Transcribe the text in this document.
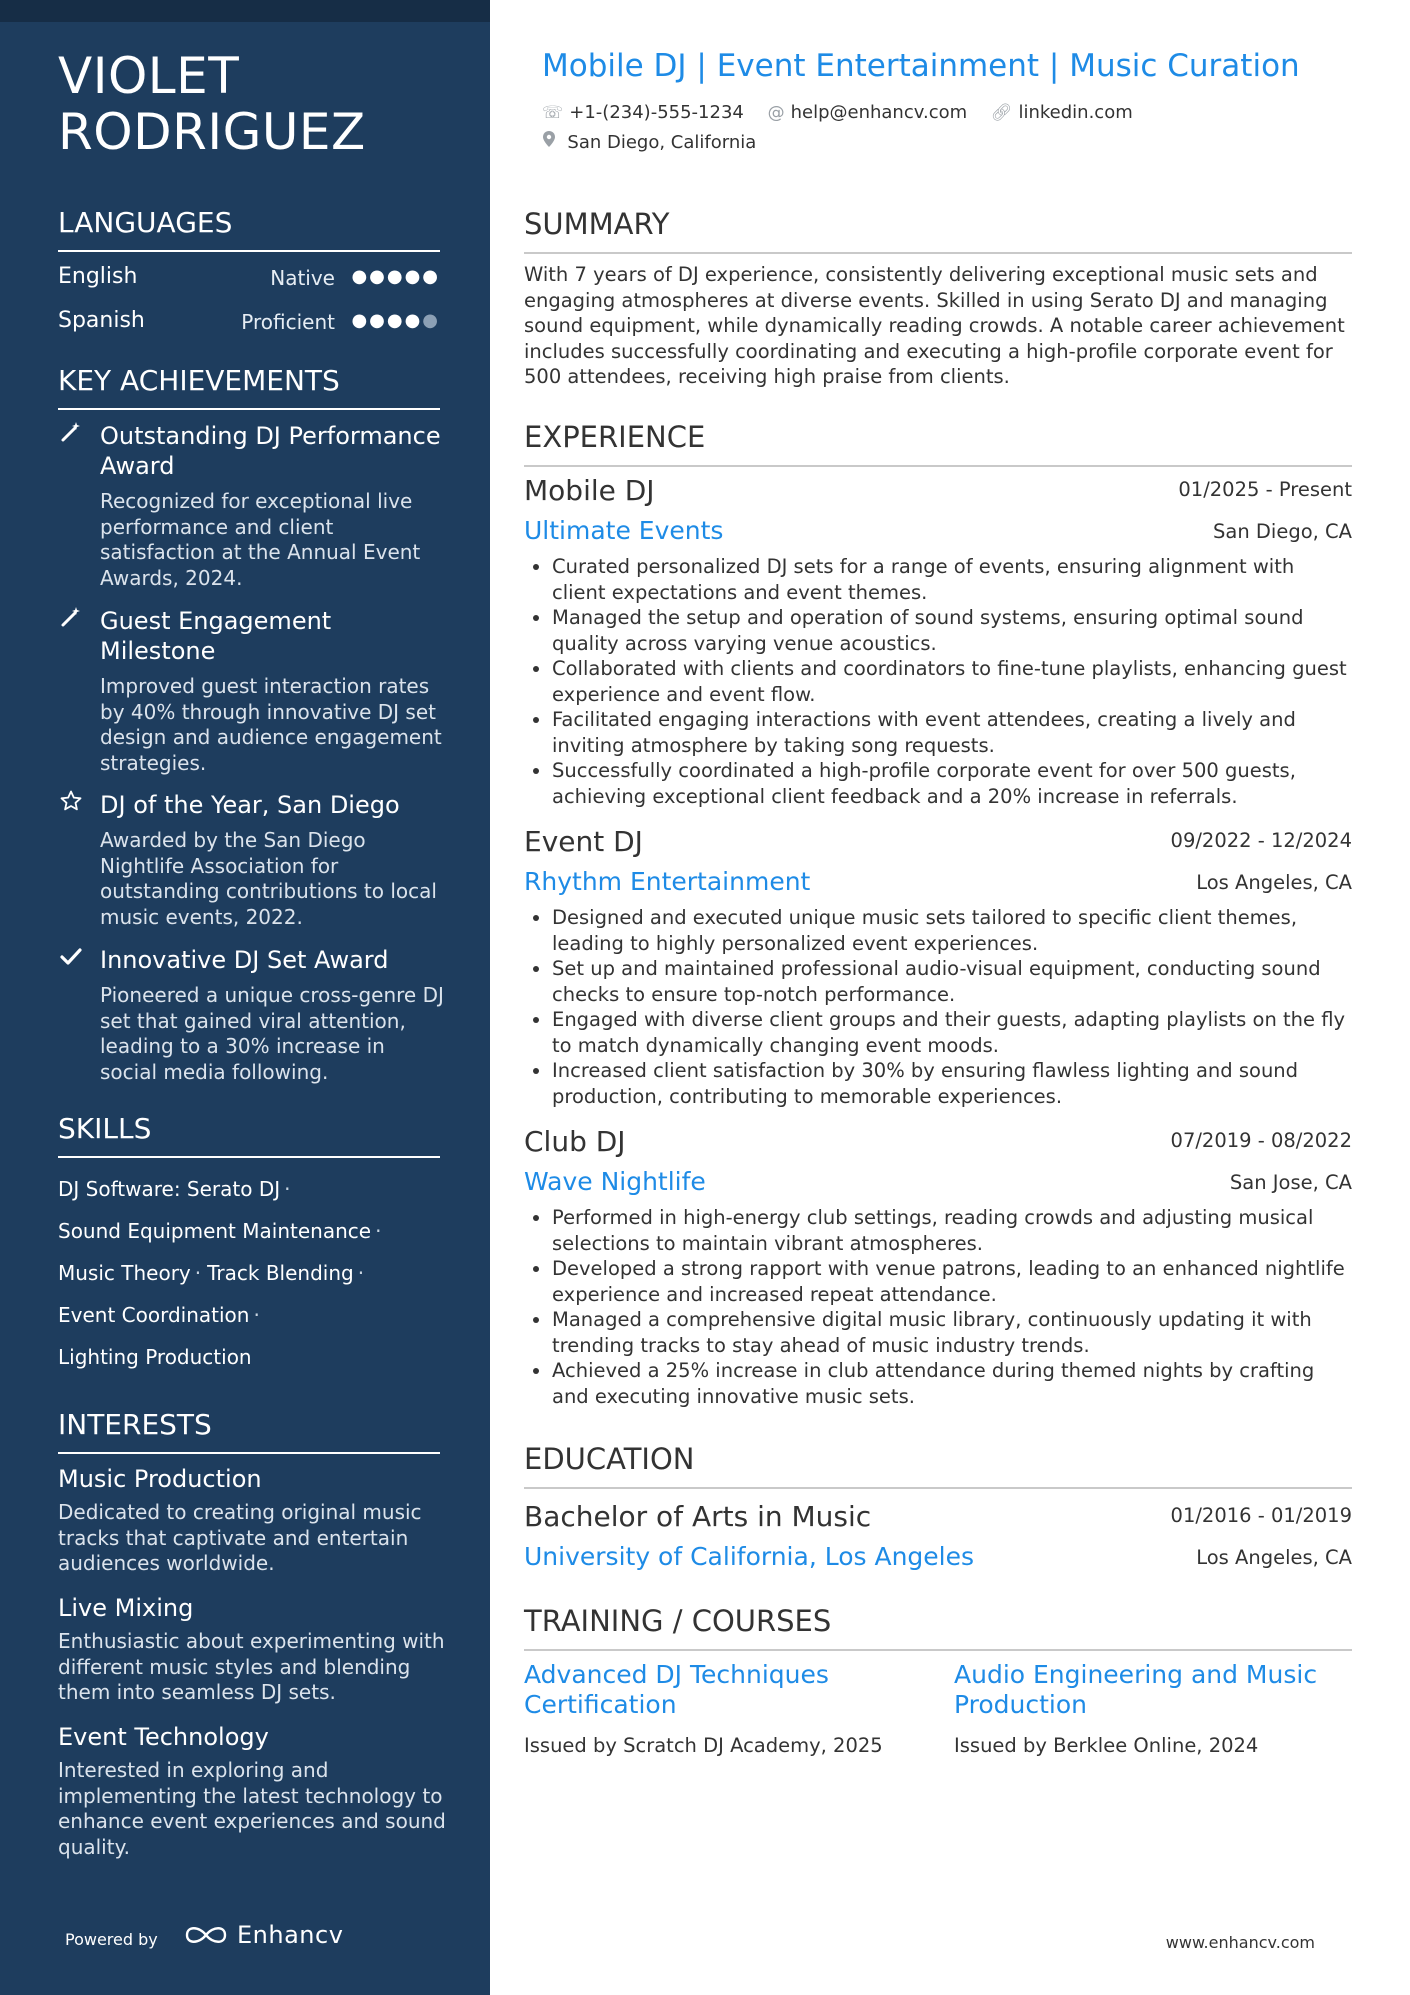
VIOLET
RODRIGUEZ
LANGUAGES
English	Native ●●●●●
Spanish	Proficient ●●●●●
KEY ACHIEVEMENTS
Outstanding DJ Performance Award
Recognized for exceptional live performance and client satisfaction at the Annual Event Awards, 2024.
Guest Engagement Milestone
Improved guest interaction rates by 40% through innovative DJ set design and audience engagement strategies.
DJ of the Year, San Diego
Awarded by the San Diego Nightlife Association for outstanding contributions to local music events, 2022.
Innovative DJ Set Award
Pioneered a unique cross-genre DJ set that gained viral attention, leading to a 30% increase in social media following.
SKILLS
DJ Software: Serato DJ ·
Sound Equipment Maintenance ·
Music Theory · Track Blending ·
Event Coordination ·
Lighting Production
INTERESTS
Music Production
Dedicated to creating original music tracks that captivate and entertain audiences worldwide.
Live Mixing
Enthusiastic about experimenting with different music styles and blending them into seamless DJ sets.
Event Technology
Interested in exploring and implementing the latest technology to enhance event experiences and sound quality.
Powered by	Enhancv
Mobile DJ | Event Entertainment | Music Curation
☏ +1-(234)-555-1234 @ help@enhancv.com 🔗︎ linkedin.com
San Diego, California
SUMMARY
With 7 years of DJ experience, consistently delivering exceptional music sets and engaging atmospheres at diverse events. Skilled in using Serato DJ and managing sound equipment, while dynamically reading crowds. A notable career achievement includes successfully coordinating and executing a high-profile corporate event for 500 attendees, receiving high praise from clients.
EXPERIENCE
Mobile DJ	01/2025 - Present
Ultimate Events	San Diego, CA
• Curated personalized DJ sets for a range of events, ensuring alignment with client expectations and event themes.
• Managed the setup and operation of sound systems, ensuring optimal sound quality across varying venue acoustics.
• Collaborated with clients and coordinators to fine-tune playlists, enhancing guest experience and event flow.
• Facilitated engaging interactions with event attendees, creating a lively and inviting atmosphere by taking song requests.
• Successfully coordinated a high-profile corporate event for over 500 guests, achieving exceptional client feedback and a 20% increase in referrals.
Event DJ	09/2022 - 12/2024
Rhythm Entertainment	Los Angeles, CA
• Designed and executed unique music sets tailored to specific client themes, leading to highly personalized event experiences.
• Set up and maintained professional audio-visual equipment, conducting sound checks to ensure top-notch performance.
• Engaged with diverse client groups and their guests, adapting playlists on the fly to match dynamically changing event moods.
• Increased client satisfaction by 30% by ensuring flawless lighting and sound production, contributing to memorable experiences.
Club DJ	07/2019 - 08/2022
Wave Nightlife	San Jose, CA
• Performed in high-energy club settings, reading crowds and adjusting musical selections to maintain vibrant atmospheres.
• Developed a strong rapport with venue patrons, leading to an enhanced nightlife experience and increased repeat attendance.
• Managed a comprehensive digital music library, continuously updating it with trending tracks to stay ahead of music industry trends.
• Achieved a 25% increase in club attendance during themed nights by crafting and executing innovative music sets.
EDUCATION
Bachelor of Arts in Music	01/2016 - 01/2019
University of California, Los Angeles	Los Angeles, CA
TRAINING / COURSES
Advanced DJ Techniques Certification
Issued by Scratch DJ Academy, 2025
Audio Engineering and Music Production
Issued by Berklee Online, 2024
www.enhancv.com
